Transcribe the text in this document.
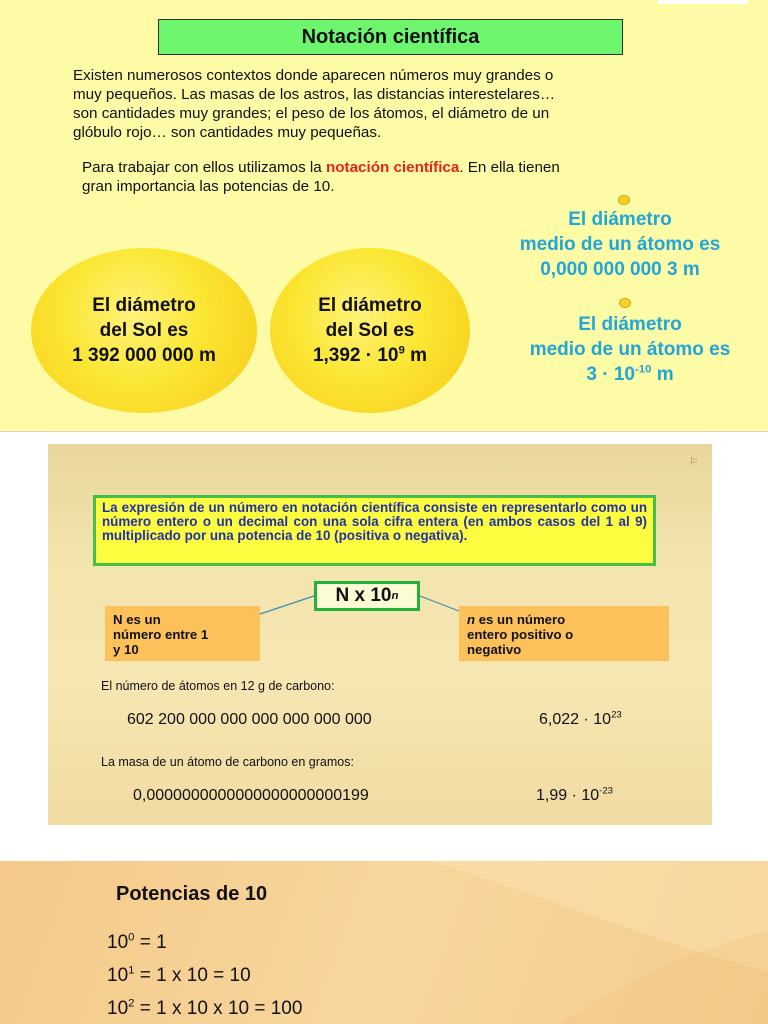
Notación científica

Existen numerosos contextos donde aparecen números muy grandes o
muy pequeños. Las masas de los astros, las distancias interestelares…
son cantidades muy grandes; el peso de los átomos, el diámetro de un
glóbulo rojo… son cantidades muy pequeñas.

Para trabajar con ellos utilizamos la notación científica. En ella tienen
gran importancia las potencias de 10.

El diámetro
del Sol es
1 392 000 000 m
El diámetro
del Sol es
$1,392 \cdot 10^9$ m
El diámetro
medio de un átomo es
0,000 000 000 3 m
El diámetro
medio de un átomo es
$3 \cdot 10^{-10}$ m
⚐
La expresión de un número en notación científica consiste en representarlo como un número entero o un decimal con una sola cifra entera (en ambos casos del 1 al 9) multiplicado por una potencia de 10 (positiva o negativa).
N x 10 n
N es un
número entre 1
y 10
n es un número
entero positivo o
negativo
El número de átomos en 12 g de carbono:
602 200 000 000 000 000 000 000	$6,022 \cdot 10^{23}$
La masa de un átomo de carbono en gramos:
0,0000000000000000000000199	$1,99 \cdot 10^{-23}$
Potencias de 10
$10^0 = 1$
$10^1 = 1$ x 10 = 10
$10^2 = 1$ x 10 x 10 = 100
